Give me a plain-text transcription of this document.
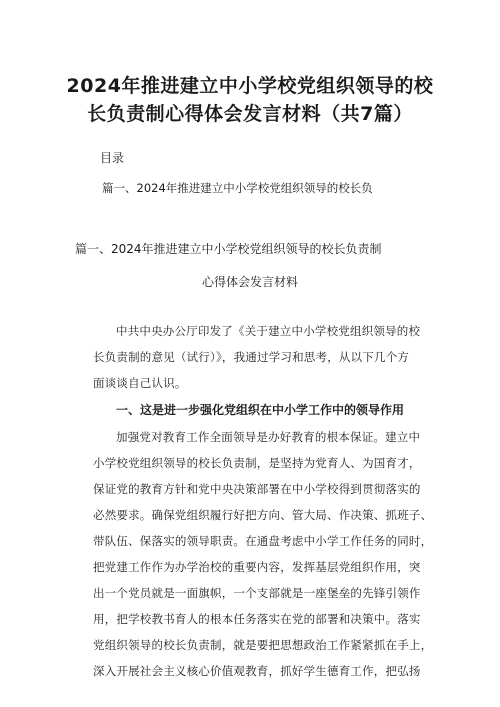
2024年推进建立中小学校党组织领导的校
长负责制心得体会发言材料（共7篇）
目录
篇一、2024年推进建立中小学校党组织领导的校长负
篇一、2024年推进建立中小学校党组织领导的校长负责制
心得体会发言材料
中共中央办公厅印发了《关于建立中小学校党组织领导的校
长负责制的意见（试行）》，我通过学习和思考，从以下几个方
面谈谈自己认识。
一、这是进一步强化党组织在中小学工作中的领导作用
加强党对教育工作全面领导是办好教育的根本保证。建立中
小学校党组织领导的校长负责制，是坚持为党育人、为国育才，
保证党的教育方针和党中央决策部署在中小学校得到贯彻落实的
必然要求。确保党组织履行好把方向、管大局、作决策、抓班子、
带队伍、保落实的领导职责。在通盘考虑中小学工作任务的同时，
把党建工作作为办学治校的重要内容，发挥基层党组织作用，突
出一个党员就是一面旗帜，一个支部就是一座堡垒的先锋引领作
用，把学校教书育人的根本任务落实在党的部署和决策中。落实
党组织领导的校长负责制，就是要把思想政治工作紧紧抓在手上，
深入开展社会主义核心价值观教育，抓好学生德育工作，把弘扬
